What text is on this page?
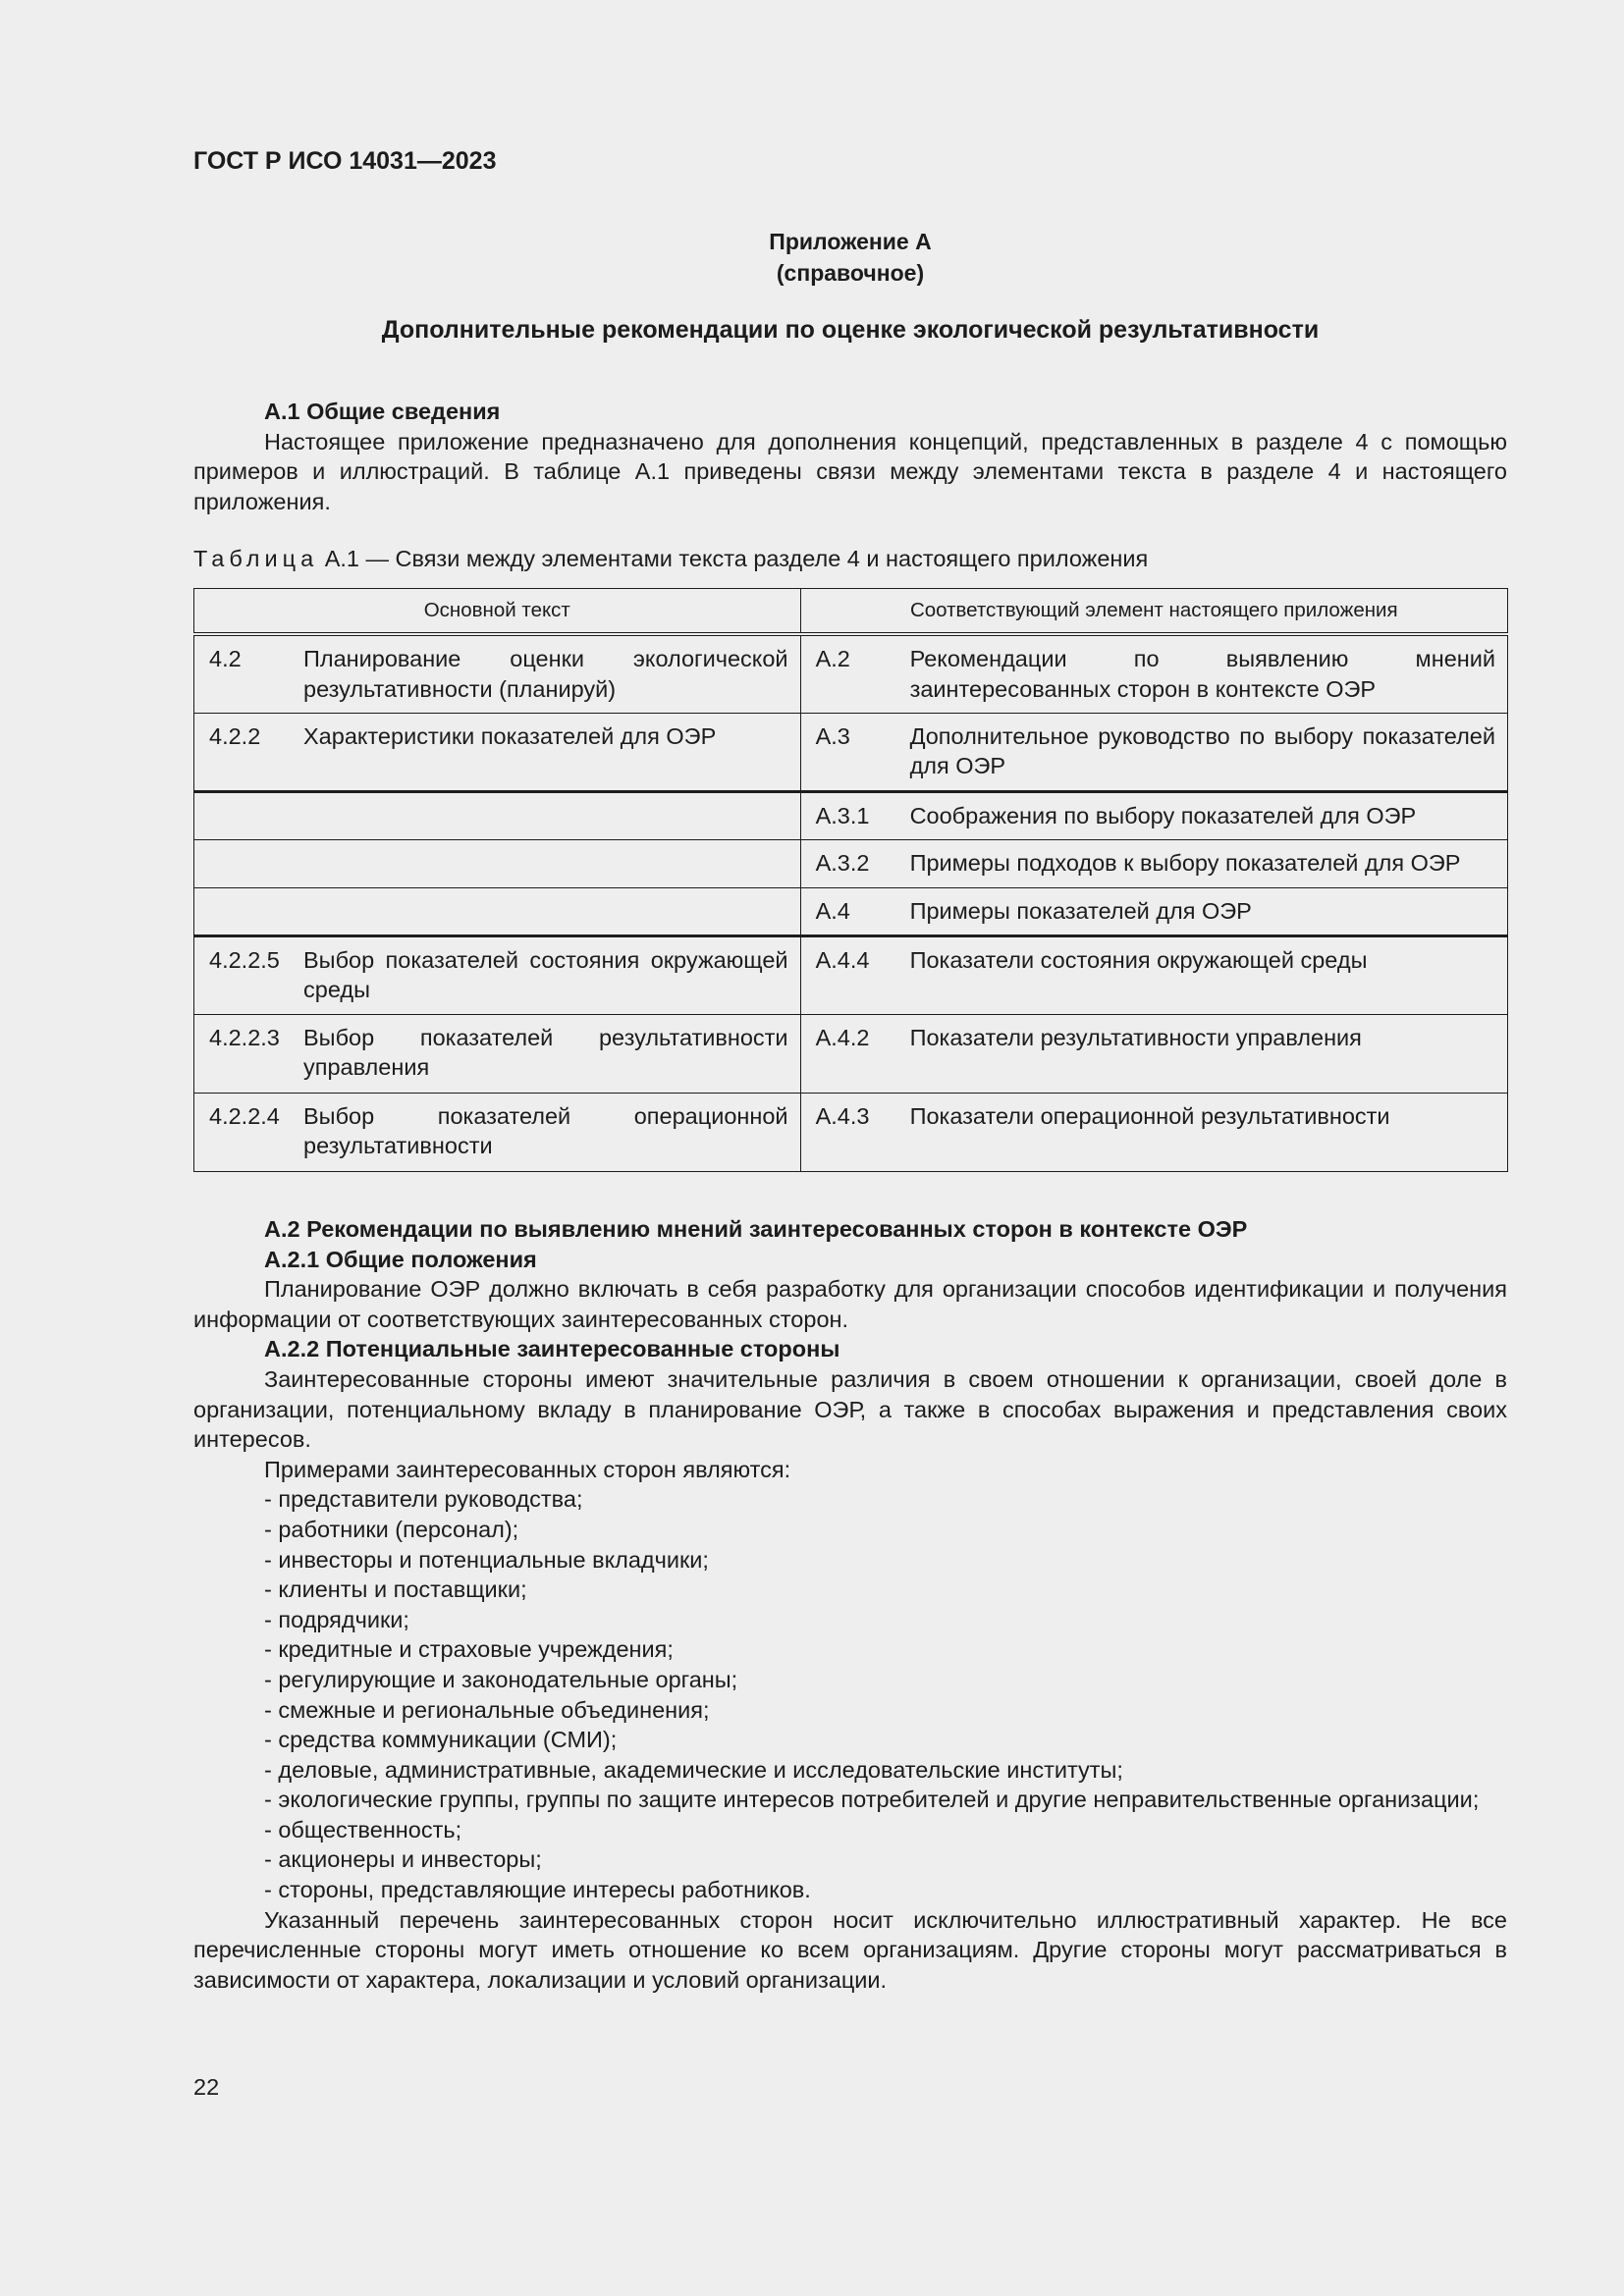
ГОСТ Р ИСО 14031—2023
Приложение А
(справочное)
Дополнительные рекомендации по оценке экологической результативности

А.1 Общие сведения

Настоящее приложение предназначено для дополнения концепций, представленных в разделе 4 с помощью примеров и иллюстраций. В таблице А.1 приведены связи между элементами текста в разделе 4 и настоящего приложения.

Таблица А.1 — Связи между элементами текста разделе 4 и настоящего приложения
Основной текст	Соответствующий элемент настоящего приложения

4.2 Планирование оценки экологической результативности (планируй)	А.2 Рекомендации по выявлению мнений заинтересованных сторон в контексте ОЭР

4.2.2 Характеристики показателей для ОЭР	А.3 Дополнительное руководство по выбору показателей для ОЭР

	А.3.1 Соображения по выбору показателей для ОЭР

	А.3.2 Примеры подходов к выбору показателей для ОЭР

	А.4 Примеры показателей для ОЭР

4.2.2.5 Выбор показателей состояния окружающей среды	А.4.4 Показатели состояния окружающей среды

4.2.2.3 Выбор показателей результативности управления	А.4.2 Показатели результативности управления

4.2.2.4 Выбор показателей операционной результативности	А.4.3 Показатели операционной результативности

А.2 Рекомендации по выявлению мнений заинтересованных сторон в контексте ОЭР

А.2.1 Общие положения

Планирование ОЭР должно включать в себя разработку для организации способов идентификации и получения информации от соответствующих заинтересованных сторон.

А.2.2 Потенциальные заинтересованные стороны

Заинтересованные стороны имеют значительные различия в своем отношении к организации, своей доле в организации, потенциальному вкладу в планирование ОЭР, а также в способах выражения и представления своих интересов.

Примерами заинтересованных сторон являются:

- представители руководства;

- работники (персонал);

- инвесторы и потенциальные вкладчики;

- клиенты и поставщики;

- подрядчики;

- кредитные и страховые учреждения;

- регулирующие и законодательные органы;

- смежные и региональные объединения;

- средства коммуникации (СМИ);

- деловые, административные, академические и исследовательские институты;

- экологические группы, группы по защите интересов потребителей и другие неправительственные организации;

- общественность;

- акционеры и инвесторы;

- стороны, представляющие интересы работников.

Указанный перечень заинтересованных сторон носит исключительно иллюстративный характер. Не все перечисленные стороны могут иметь отношение ко всем организациям. Другие стороны могут рассматриваться в зависимости от характера, локализации и условий организации.

22
